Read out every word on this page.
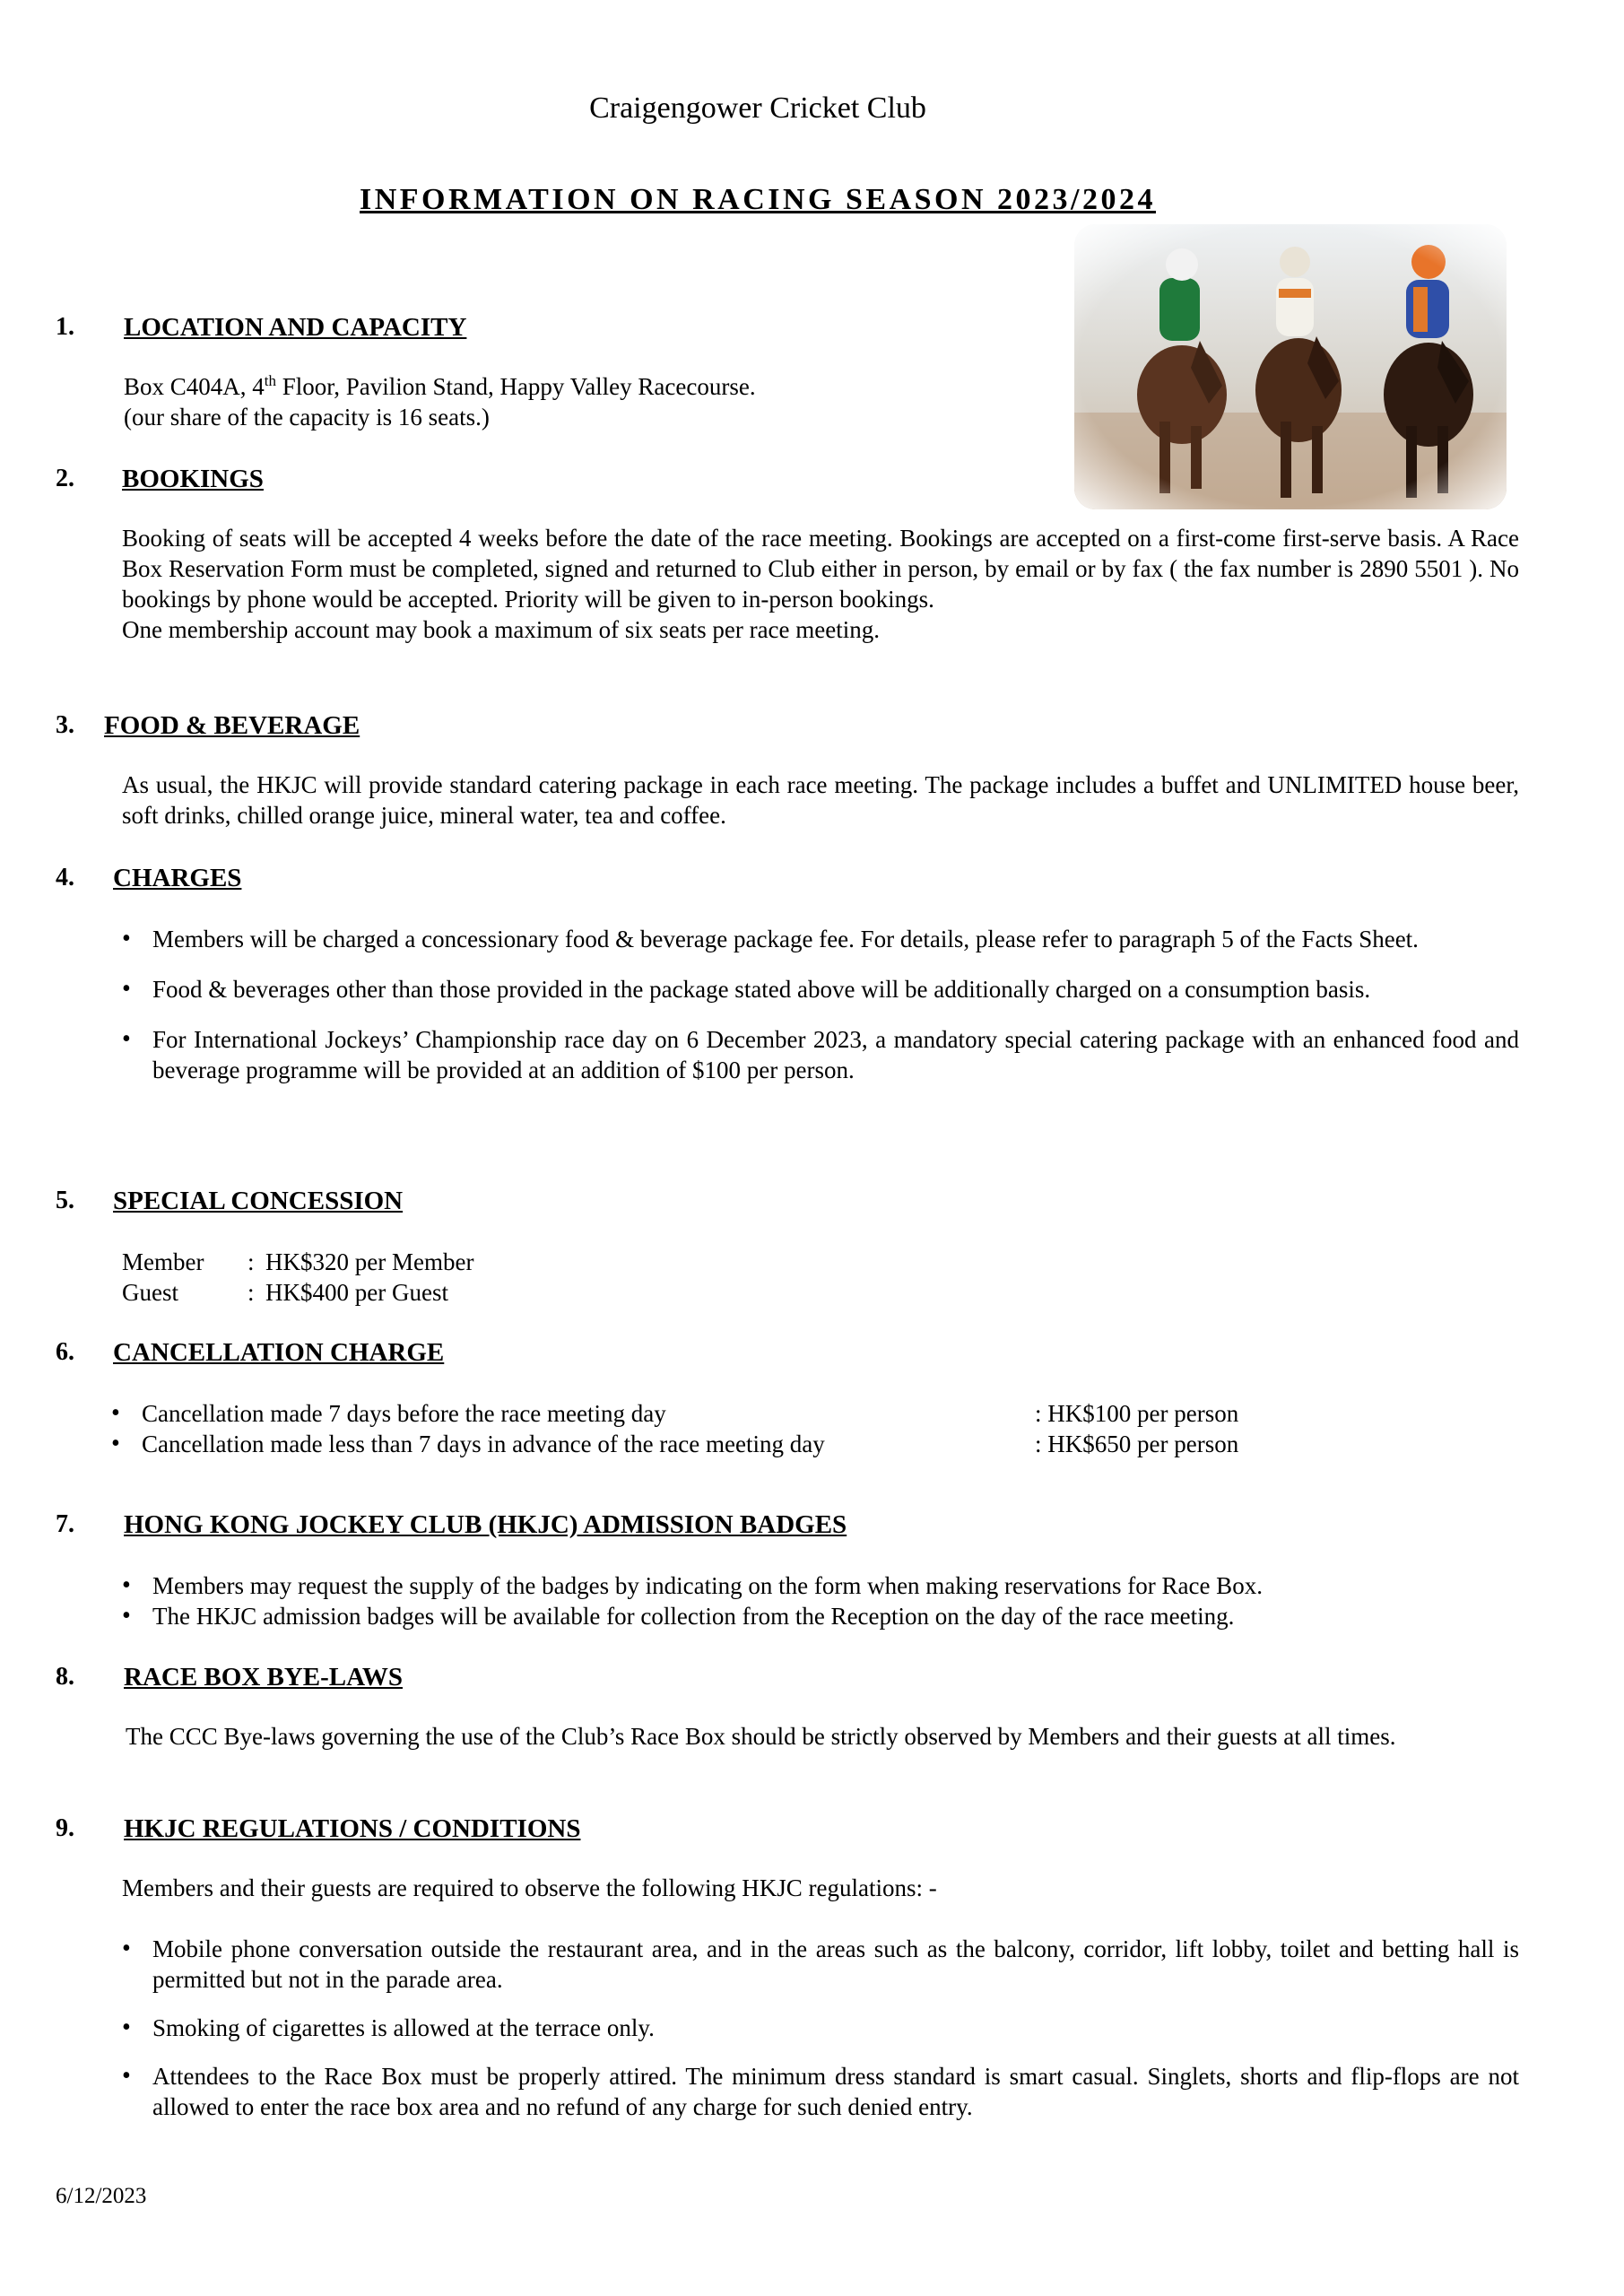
Craigengower Cricket Club
INFORMATION ON RACING SEASON 2023/2024
1. LOCATION AND CAPACITY
Box C404A, 4th Floor, Pavilion Stand, Happy Valley Racecourse.
(our share of the capacity is 16 seats.)
2. BOOKINGS
Booking of seats will be accepted 4 weeks before the date of the race meeting. Bookings are accepted on a first-come first-serve basis. A Race Box Reservation Form must be completed, signed and returned to Club either in person, by email or by fax ( the fax number is 2890 5501 ). No bookings by phone would be accepted. Priority will be given to in-person bookings.
One membership account may book a maximum of six seats per race meeting.
3. FOOD & BEVERAGE
As usual, the HKJC will provide standard catering package in each race meeting. The package includes a buffet and UNLIMITED house beer, soft drinks, chilled orange juice, mineral water, tea and coffee.
4. CHARGES
• Members will be charged a concessionary food & beverage package fee. For details, please refer to paragraph 5 of the Facts Sheet.
• Food & beverages other than those provided in the package stated above will be additionally charged on a consumption basis.
• For International Jockeys’ Championship race day on 6 December 2023, a mandatory special catering package with an enhanced food and beverage programme will be provided at an addition of $100 per person.
5. SPECIAL CONCESSION
Member : HK$320 per Member
Guest	: HK$400 per Guest
6. CANCELLATION CHARGE
• Cancellation made 7 days before the race meeting day	: HK$100 per person
• Cancellation made less than 7 days in advance of the race meeting day	: HK$650 per person
7. HONG KONG JOCKEY CLUB (HKJC) ADMISSION BADGES
• Members may request the supply of the badges by indicating on the form when making reservations for Race Box.
• The HKJC admission badges will be available for collection from the Reception on the day of the race meeting.
8. RACE BOX BYE-LAWS
The CCC Bye-laws governing the use of the Club’s Race Box should be strictly observed by Members and their guests at all times.
9. HKJC REGULATIONS / CONDITIONS
Members and their guests are required to observe the following HKJC regulations: -
• Mobile phone conversation outside the restaurant area, and in the areas such as the balcony, corridor, lift lobby, toilet and betting hall is permitted but not in the parade area.
• Smoking of cigarettes is allowed at the terrace only.
• Attendees to the Race Box must be properly attired. The minimum dress standard is smart casual. Singlets, shorts and flip-flops are not allowed to enter the race box area and no refund of any charge for such denied entry.
6/12/2023
